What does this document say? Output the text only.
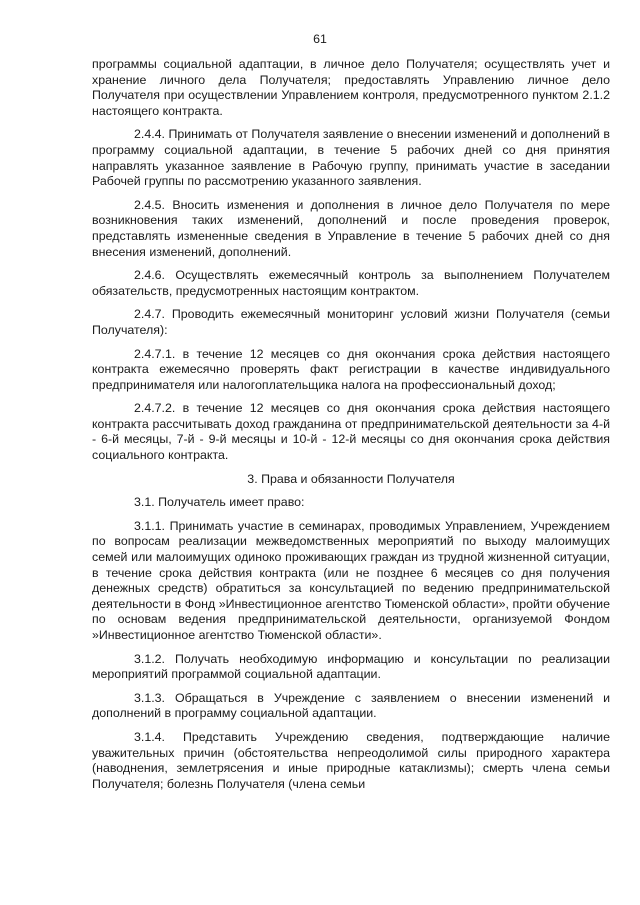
61

программы социальной адаптации, в личное дело Получателя; осуществлять учет и хранение личного дела Получателя; предоставлять Управлению личное дело Получателя при осуществлении Управлением контроля, предусмотренного пунктом 2.1.2 настоящего контракта.

2.4.4. Принимать от Получателя заявление о внесении изменений и дополнений в программу социальной адаптации, в течение 5 рабочих дней со дня принятия направлять указанное заявление в Рабочую группу, принимать участие в заседании Рабочей группы по рассмотрению указанного заявления.

2.4.5. Вносить изменения и дополнения в личное дело Получателя по мере возникновения таких изменений, дополнений и после проведения проверок, представлять измененные сведения в Управление в течение 5 рабочих дней со дня внесения изменений, дополнений.

2.4.6. Осуществлять ежемесячный контроль за выполнением Получателем обязательств, предусмотренных настоящим контрактом.

2.4.7. Проводить ежемесячный мониторинг условий жизни Получателя (семьи Получателя):

2.4.7.1. в течение 12 месяцев со дня окончания срока действия настоящего контракта ежемесячно проверять факт регистрации в качестве индивидуального предпринимателя или налогоплательщика налога на профессиональный доход;

2.4.7.2. в течение 12 месяцев со дня окончания срока действия настоящего контракта рассчитывать доход гражданина от предпринимательской деятельности за 4-й - 6-й месяцы, 7-й - 9-й месяцы и 10-й - 12-й месяцы со дня окончания срока действия социального контракта.

3. Права и обязанности Получателя

3.1. Получатель имеет право:

3.1.1. Принимать участие в семинарах, проводимых Управлением, Учреждением по вопросам реализации межведомственных мероприятий по выходу малоимущих семей или малоимущих одиноко проживающих граждан из трудной жизненной ситуации, в течение срока действия контракта (или не позднее 6 месяцев со дня получения денежных средств) обратиться за консультацией по ведению предпринимательской деятельности в Фонд »Инвестиционное агентство Тюменской области», пройти обучение по основам ведения предпринимательской деятельности, организуемой Фондом »Инвестиционное агентство Тюменской области».

3.1.2. Получать необходимую информацию и консультации по реализации мероприятий программой социальной адаптации.

3.1.3. Обращаться в Учреждение с заявлением о внесении изменений и дополнений в программу социальной адаптации.

3.1.4. Представить Учреждению сведения, подтверждающие наличие уважительных причин (обстоятельства непреодолимой силы природного характера (наводнения, землетрясения и иные природные катаклизмы); смерть члена семьи Получателя; болезнь Получателя (члена семьи
